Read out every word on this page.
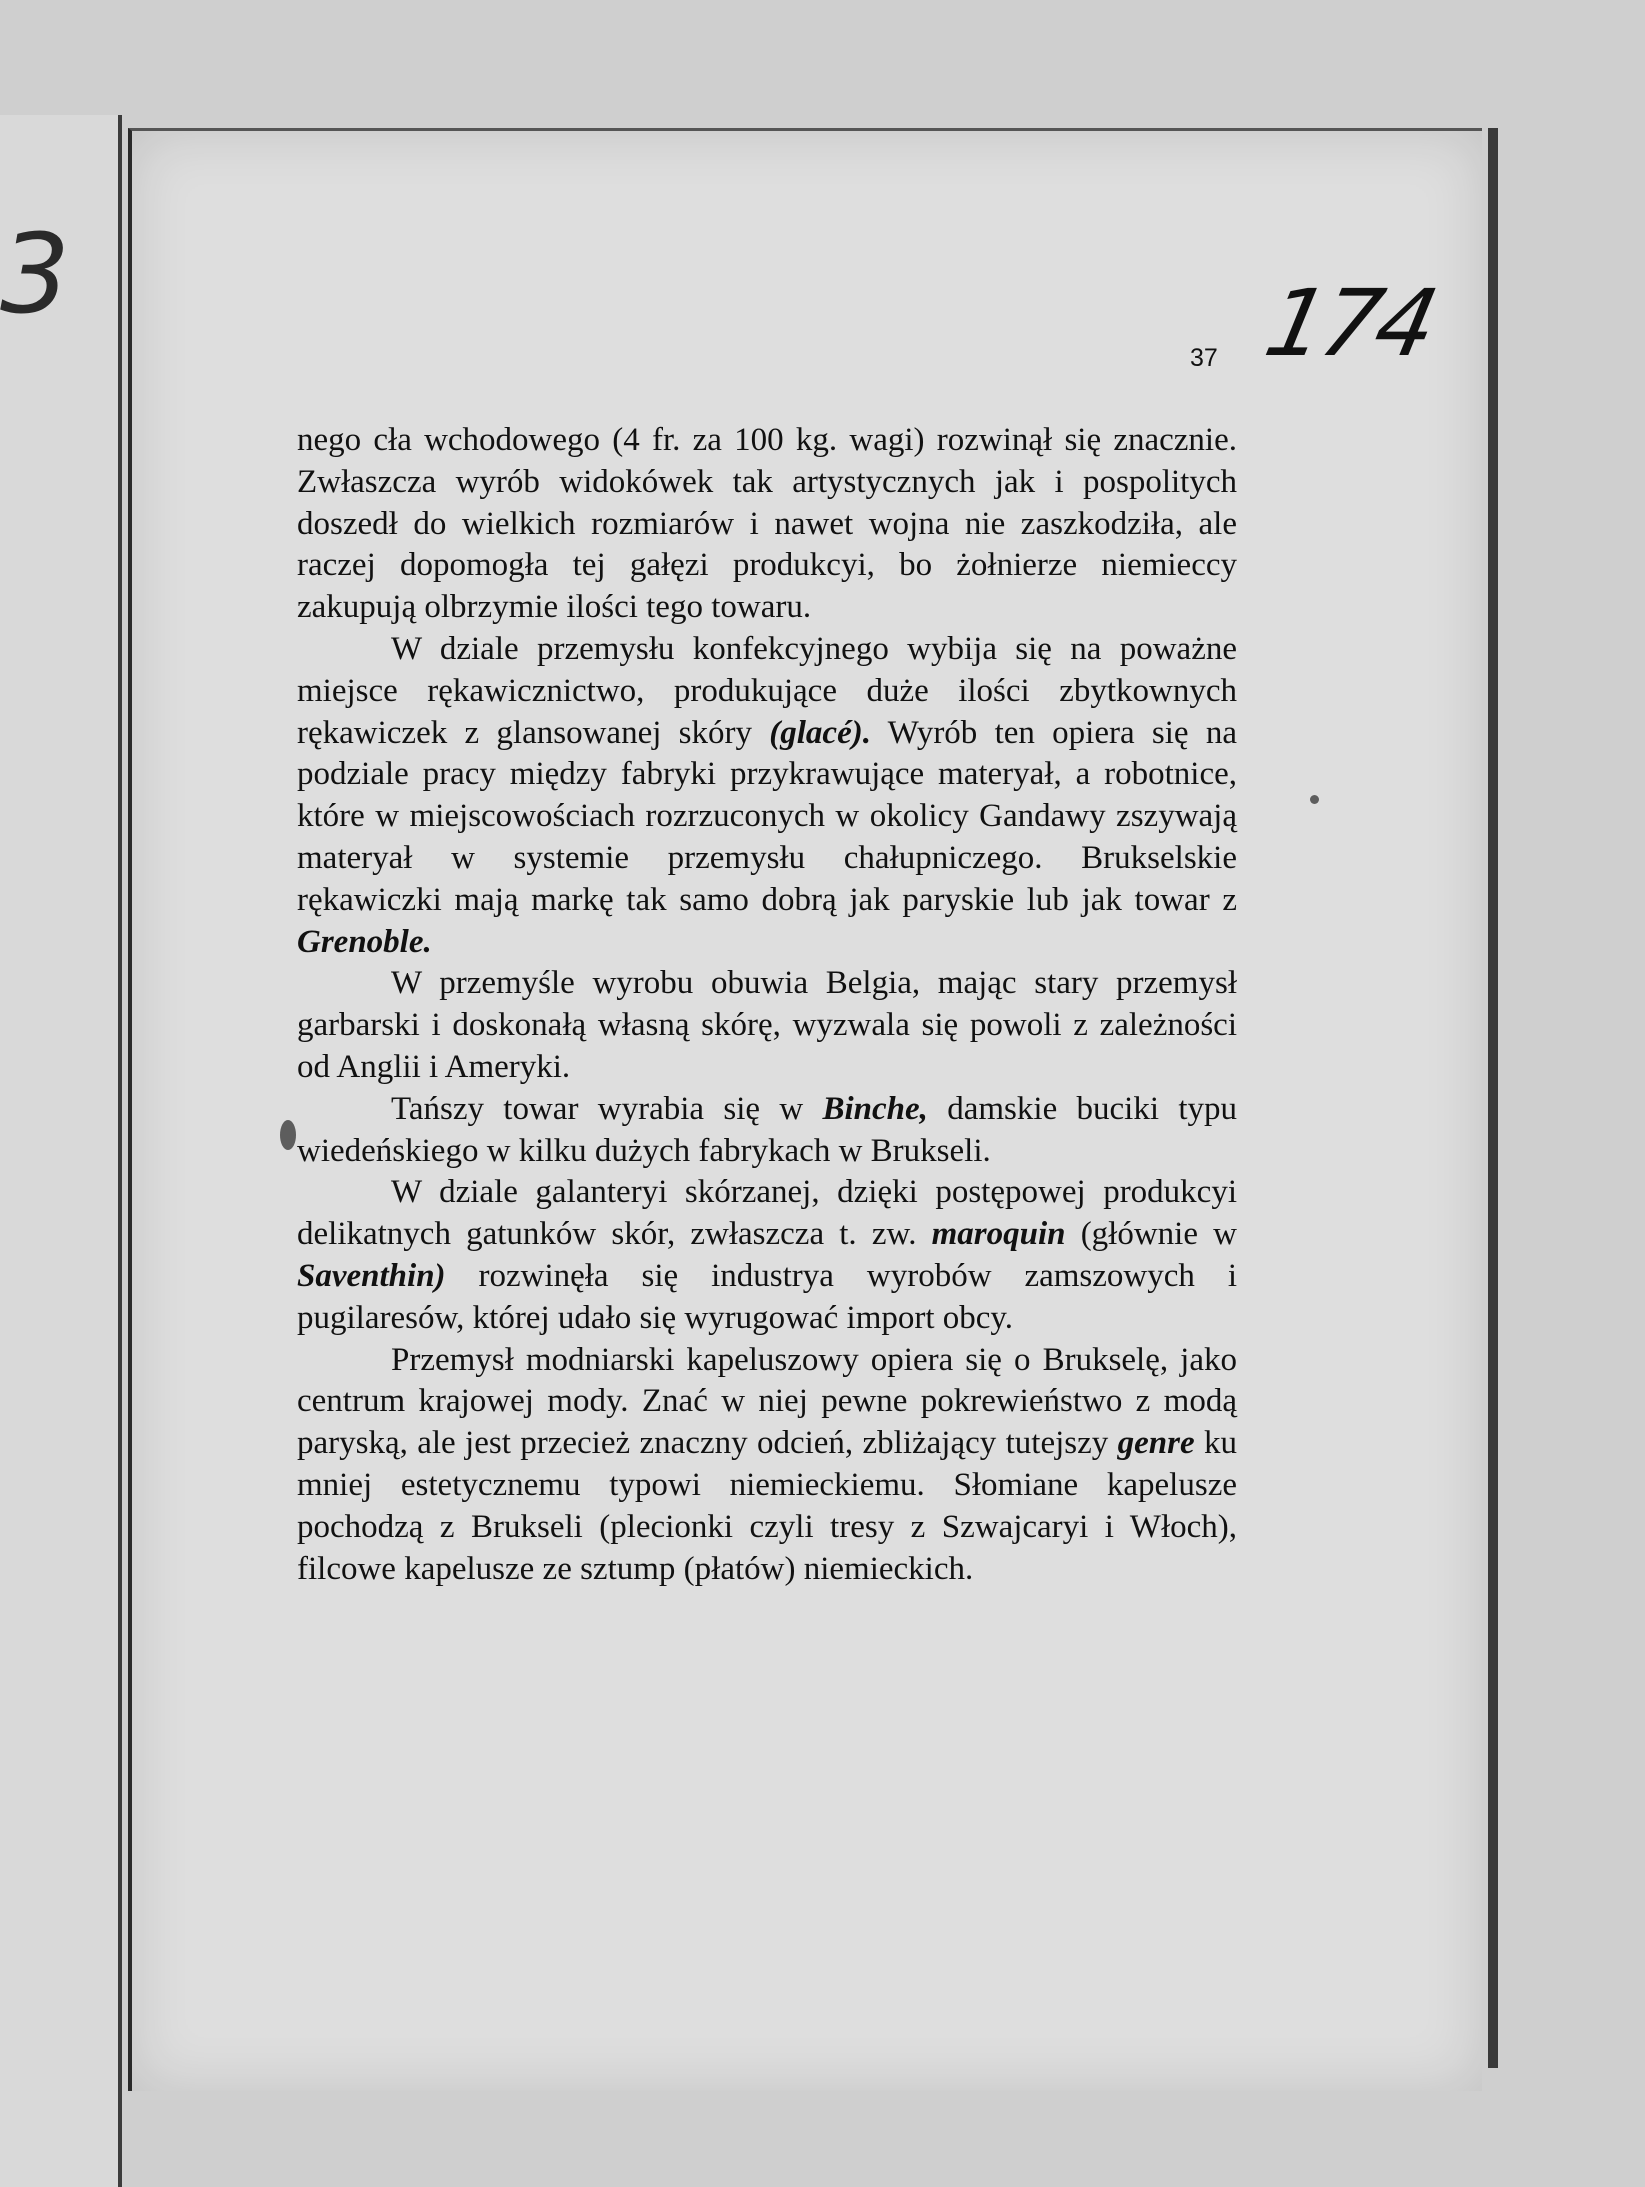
3
37 174

nego cła wchodowego (4 fr. za 100 kg. wagi) rozwinął się znacznie. Zwłaszcza wyrób widokówek tak artystycznych jak i pospolitych doszedł do wielkich rozmiarów i nawet wojna nie zaszkodziła, ale raczej dopomogła tej gałęzi produkcyi, bo żołnierze niemieccy zakupują olbrzymie ilości tego towaru.

W dziale przemysłu konfekcyjnego wybija się na poważne miejsce rękawicznictwo, produkujące duże ilości zbytkownych rękawiczek z glansowanej skóry (glacé). Wyrób ten opiera się na podziale pracy między fabryki przykrawujące materyał, a robotnice, które w miejscowościach rozrzuconych w okolicy Gandawy zszywają materyał w systemie przemysłu chałupniczego. Brukselskie rękawiczki mają markę tak samo dobrą jak paryskie lub jak towar z Grenoble.

W przemyśle wyrobu obuwia Belgia, mając stary przemysł garbarski i doskonałą własną skórę, wyzwala się powoli z zależności od Anglii i Ameryki.

Tańszy towar wyrabia się w Binche, damskie buciki typu wiedeńskiego w kilku dużych fabrykach w Brukseli.

W dziale galanteryi skórzanej, dzięki postępowej produkcyi delikatnych gatunków skór, zwłaszcza t. zw. maroquin (głównie w Saventhin) rozwinęła się industrya wyrobów zamszowych i pugilaresów, której udało się wyrugować import obcy.

Przemysł modniarski kapeluszowy opiera się o Brukselę, jako centrum krajowej mody. Znać w niej pewne pokrewieństwo z modą paryską, ale jest przecież znaczny odcień, zbliżający tutejszy genre ku mniej estetycznemu typowi niemieckiemu. Słomiane kapelusze pochodzą z Brukseli (plecionki czyli tresy z Szwajcaryi i Włoch), filcowe kapelusze ze sztump (płatów) niemieckich.
